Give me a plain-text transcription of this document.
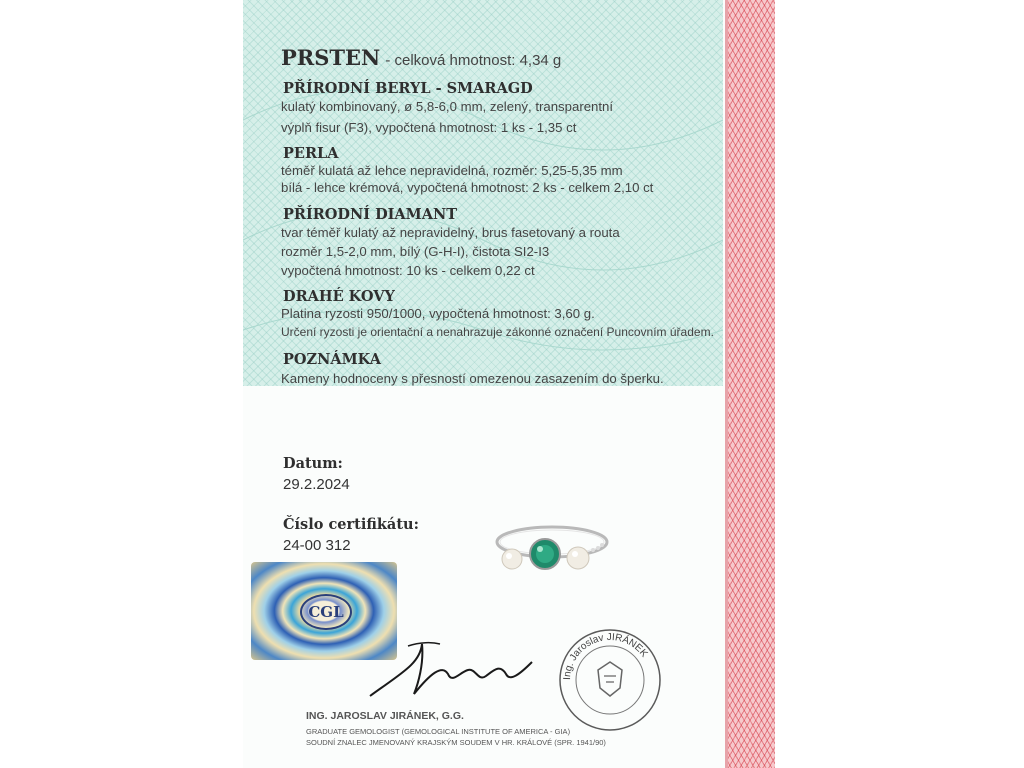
PRSTEN - celková hmotnost: 4,34 g
PŘÍRODNÍ BERYL - SMARAGD
kulatý kombinovaný, ø 5,8-6,0 mm, zelený, transparentní
výplň fisur (F3), vypočtená hmotnost: 1 ks - 1,35 ct
PERLA
téměř kulatá až lehce nepravidelná, rozměr: 5,25-5,35 mm
bílá - lehce krémová, vypočtená hmotnost: 2 ks - celkem 2,10 ct
PŘÍRODNÍ DIAMANT
tvar téměř kulatý až nepravidelný, brus fasetovaný a routa
rozměr 1,5-2,0 mm, bílý (G-H-I), čistota SI2-I3
vypočtená hmotnost: 10 ks - celkem 0,22 ct
DRAHÉ KOVY
Platina ryzosti 950/1000, vypočtená hmotnost: 3,60 g.
Určení ryzosti je orientační a nenahrazuje zákonné označení Puncovním úřadem.
POZNÁMKA
Kameny hodnoceny s přesností omezenou zasazením do šperku.
Datum:
29.2.2024
Číslo certifikátu:
24-00 312
CGL
Ing. Jaroslav JIRÁNEK
ING. JAROSLAV JIRÁNEK, G.G.
GRADUATE GEMOLOGIST (GEMOLOGICAL INSTITUTE OF AMERICA - GIA)
SOUDNÍ ZNALEC JMENOVANÝ KRAJSKÝM SOUDEM V HR. KRÁLOVÉ (SPR. 1941/90)
